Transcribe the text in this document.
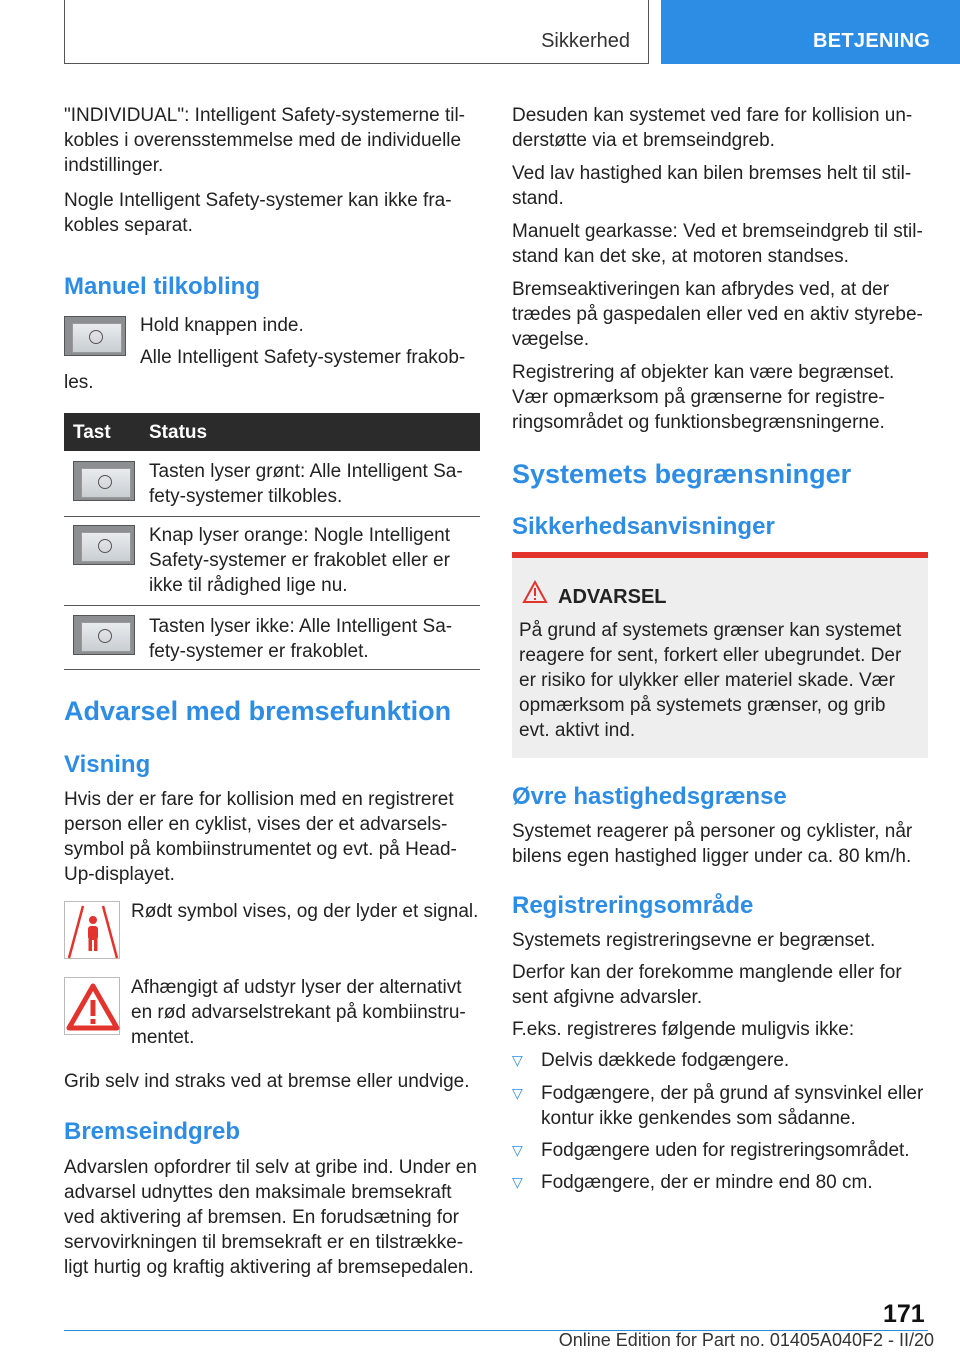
Sikkerhed	BETJENING
"INDIVIDUAL": Intelligent Safety-systemerne til-
kobles i overensstemmelse med de individuelle
indstillinger.
Nogle Intelligent Safety-systemer kan ikke fra-
kobles separat.
Manuel tilkobling
Hold knappen inde.
Alle Intelligent Safety-systemer frakob-
les.
Tast Status
Tasten lyser grønt: Alle Intelligent Sa-
fety-systemer tilkobles.
Knap lyser orange: Nogle Intelligent
Safety-systemer er frakoblet eller er
ikke til rådighed lige nu.
Tasten lyser ikke: Alle Intelligent Sa-
fety-systemer er frakoblet.
Advarsel med bremsefunktion
Visning
Hvis der er fare for kollision med en registreret
person eller en cyklist, vises der et advarsels-
symbol på kombiinstrumentet og evt. på Head-
Up-displayet.
Rødt symbol vises, og der lyder et signal.
Afhængigt af udstyr lyser der alternativt
en rød advarselstrekant på kombiinstru-
mentet.
Grib selv ind straks ved at bremse eller undvige.
Bremseindgreb
Advarslen opfordrer til selv at gribe ind. Under en
advarsel udnyttes den maksimale bremsekraft
ved aktivering af bremsen. En forudsætning for
servovirkningen til bremsekraft er en tilstrække-
ligt hurtig og kraftig aktivering af bremsepedalen.
Desuden kan systemet ved fare for kollision un-
derstøtte via et bremseindgreb.
Ved lav hastighed kan bilen bremses helt til stil-
stand.
Manuelt gearkasse: Ved et bremseindgreb til stil-
stand kan det ske, at motoren standses.
Bremseaktiveringen kan afbrydes ved, at der
trædes på gaspedalen eller ved en aktiv styrebe-
vægelse.
Registrering af objekter kan være begrænset.
Vær opmærksom på grænserne for registre-
ringsområdet og funktionsbegrænsningerne.
Systemets begrænsninger
Sikkerhedsanvisninger
ADVARSEL
På grund af systemets grænser kan systemet
reagere for sent, forkert eller ubegrundet. Der
er risiko for ulykker eller materiel skade. Vær
opmærksom på systemets grænser, og grib
evt. aktivt ind.
Øvre hastighedsgrænse
Systemet reagerer på personer og cyklister, når
bilens egen hastighed ligger under ca. 80 km/h.
Registreringsområde
Systemets registreringsevne er begrænset.
Derfor kan der forekomme manglende eller for
sent afgivne advarsler.
F.eks. registreres følgende muligvis ikke:
▽ Delvis dækkede fodgængere.
▽ Fodgængere, der på grund af synsvinkel eller
kontur ikke genkendes som sådanne.
▽ Fodgængere uden for registreringsområdet.
▽ Fodgængere, der er mindre end 80 cm.
171
Online Edition for Part no. 01405A040F2 - II/20
